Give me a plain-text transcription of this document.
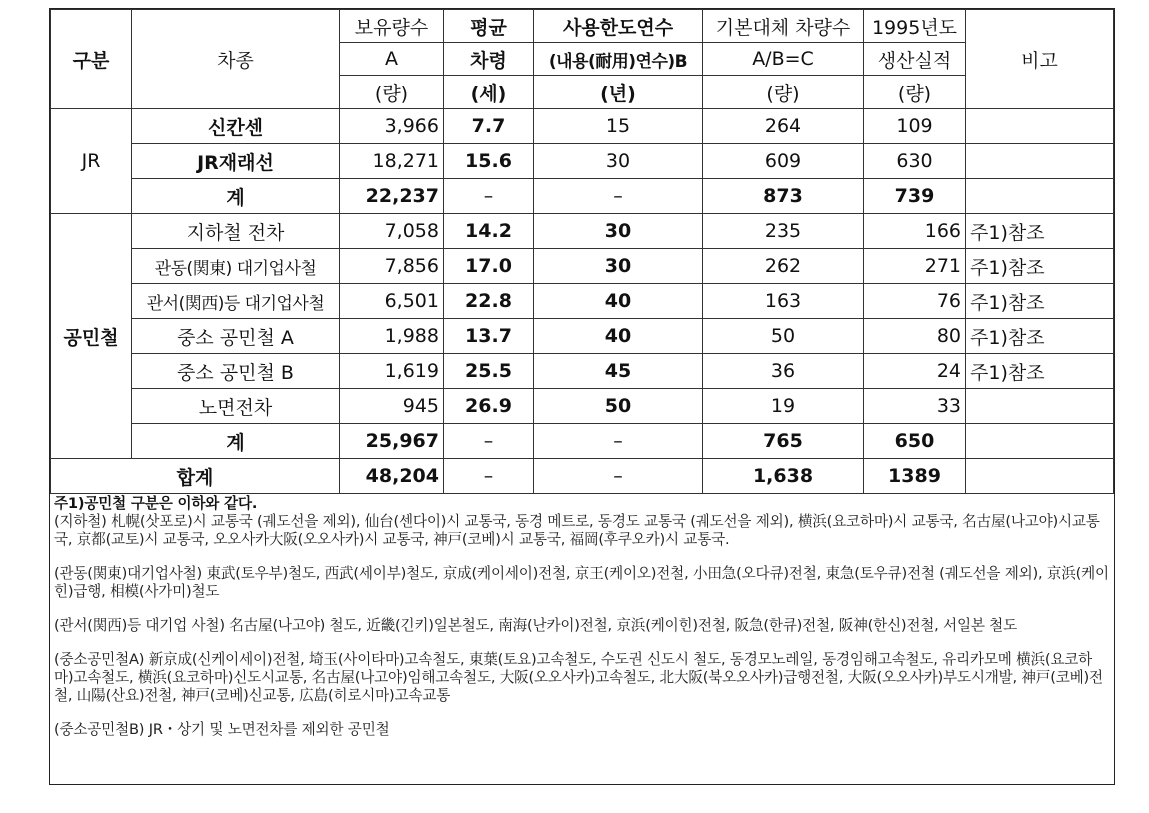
		보유량수	평균	사용한도연수	기본대체 차량수	1995년도	
구분	차종	A	차령	(내용(耐用)연수)B	A/B=C	생산실적	비고
		(량)	(세)	(년)	(량)	(량)	
JR	신칸센	3,966	7.7	15	264	109	
	JR재래선	18,271	15.6	30	609	630	
	계	22,237	–	–	873	739	
공민철	지하철 전차	7,058	14.2	30	235	166	주1)참조
	관동(関東) 대기업사철	7,856	17.0	30	262	271	주1)참조
	관서(関西)등 대기업사철	6,501	22.8	40	163	76	주1)참조
	중소 공민철 A	1,988	13.7	40	50	80	주1)참조
	중소 공민철 B	1,619	25.5	45	36	24	주1)참조
	노면전차	945	26.9	50	19	33	
	계	25,967	–	–	765	650	
합계		48,204	–	–	1,638	1389	

주1)공민철 구분은 이하와 같다.

(지하철) 札幌(삿포로)시 교통국 (궤도선을 제외), 仙台(센다이)시 교통국, 동경 메트로, 동경도 교통국 (궤도선을 제외), 横浜(요코하마)시 교통국, 名古屋(나고야)시교통국, 京都(교토)시 교통국, 오오사카大阪(오오사카)시 교통국, 神戸(코베)시 교통국, 福岡(후쿠오카)시 교통국.

(관동(関東)대기업사철) 東武(토우부)철도, 西武(세이부)철도, 京成(케이세이)전철, 京王(케이오)전철, 小田急(오다큐)전철, 東急(토우큐)전철 (궤도선을 제외), 京浜(케이힌)급행, 相模(사가미)철도

(관서(関西)등 대기업 사철) 名古屋(나고야) 철도, 近畿(긴키)일본철도, 南海(난카이)전철, 京浜(케이힌)전철, 阪急(한큐)전철, 阪神(한신)전철, 서일본 철도

(중소공민철A) 新京成(신케이세이)전철, 埼玉(사이타마)고속철도, 東葉(토요)고속철도, 수도권 신도시 철도, 동경모노레일, 동경임해고속철도, 유리카모메 横浜(요코하마)고속철도, 横浜(요코하마)신도시교통, 名古屋(나고야)임해고속철도, 大阪(오오사카)고속철도, 北大阪(북오오사카)급행전철, 大阪(오오사카)부도시개발, 神戸(코베)전철, 山陽(산요)전철, 神戸(코베)신교통, 広島(히로시마)고속교통

(중소공민철B) JR・상기 및 노면전차를 제외한 공민철
